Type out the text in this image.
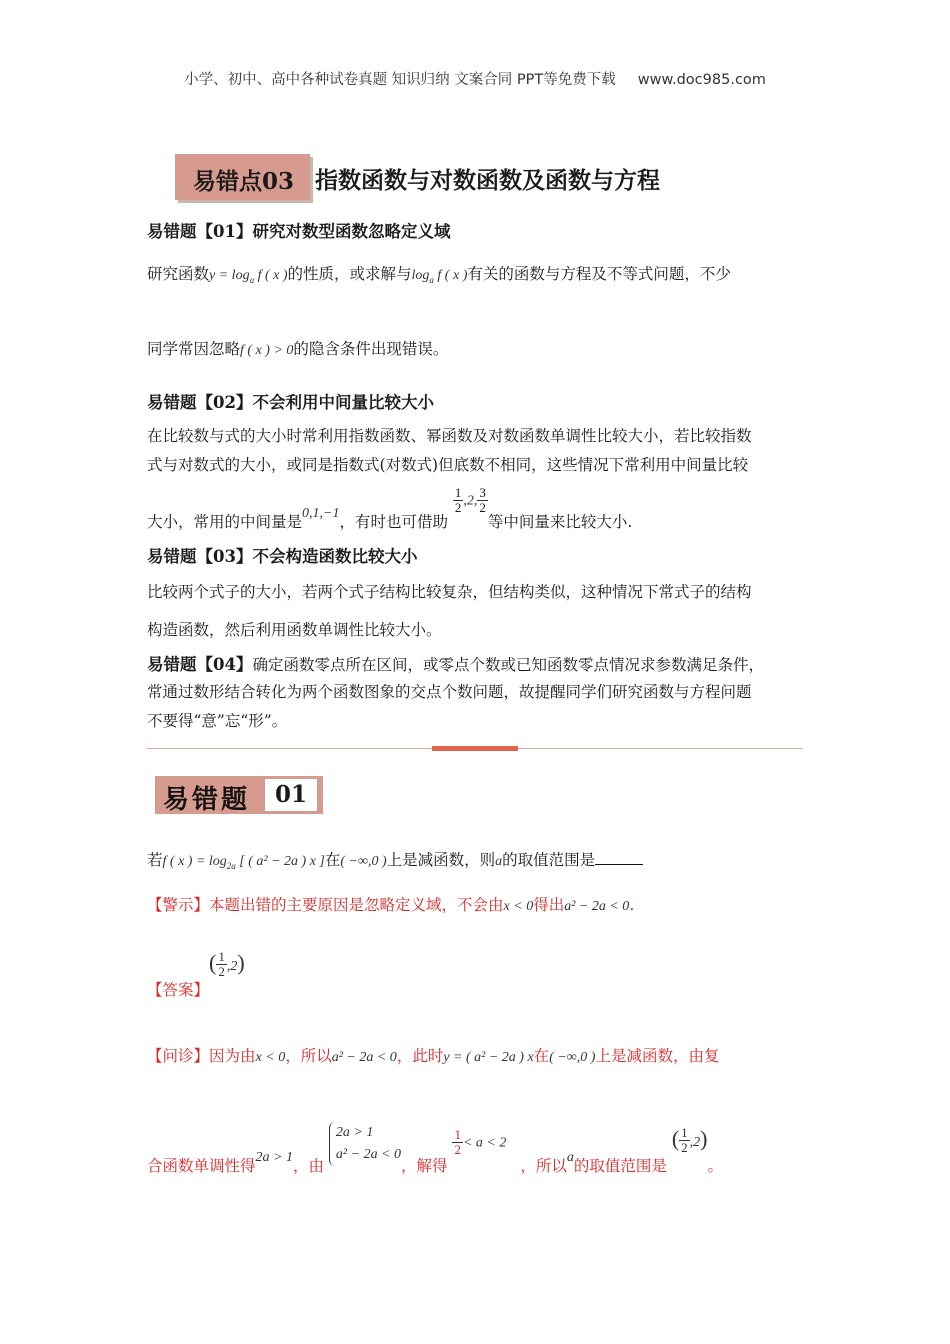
小学、初中、高中各种试卷真题 知识归纳 文案合同 PPT等免费下载 www.doc985.com
易错点03 指数函数与对数函数及函数与方程
易错题【01】研究对数型函数忽略定义域
研究函数$y = \log_a f$ ( x )的性质，或求解与$\log_a f$ ( x )有关的函数与方程及不等式问题，不少
同学常因忽略f ( x ) > 0的隐含条件出现错误。
易错题【02】不会利用中间量比较大小
在比较数与式的大小时常利用指数函数、幂函数及对数函数单调性比较大小，若比较指数
式与对数式的大小，或同是指数式(对数式)但底数不相同，这些情况下常利用中间量比较
大小，常用的中间量是0,1,−1，有时也可借助
$\frac{1}{2} ,2$, $\frac{3}{2}$
等中间量来比较大小.
易错题【03】不会构造函数比较大小
比较两个式子的大小，若两个式子结构比较复杂，但结构类似，这种情况下常式子的结构
构造函数，然后利用函数单调性比较大小。
易错题【04】确定函数零点所在区间，或零点个数或已知函数零点情况求参数满足条件，
常通过数形结合转化为两个函数图象的交点个数问题，故提醒同学们研究函数与方程问题
不要得“意”忘“形”。
易错题	01
若f ( x ) = $\log_{2a}$ [ ( a² − 2a ) x ]在( −∞,0 )上是减函数，则a的取值范围是
【警示】本题出错的主要原因是忽略定义域，不会由x < 0得出a² − 2a < 0.
【答案】( $\frac{1}{2} ,2$)
【问诊】因为由x < 0，所以a² − 2a < 0，此时y = ( a² − 2a ) x在( −∞,0 )上是减函数，由复
合函数单调性得2a > 1，由
2a > 1
a² − 2a < 0
，解得
$\frac{1}{2} < a < 2$，所以a的取值范围是 ( $\frac{1}{2} ,2$)。
